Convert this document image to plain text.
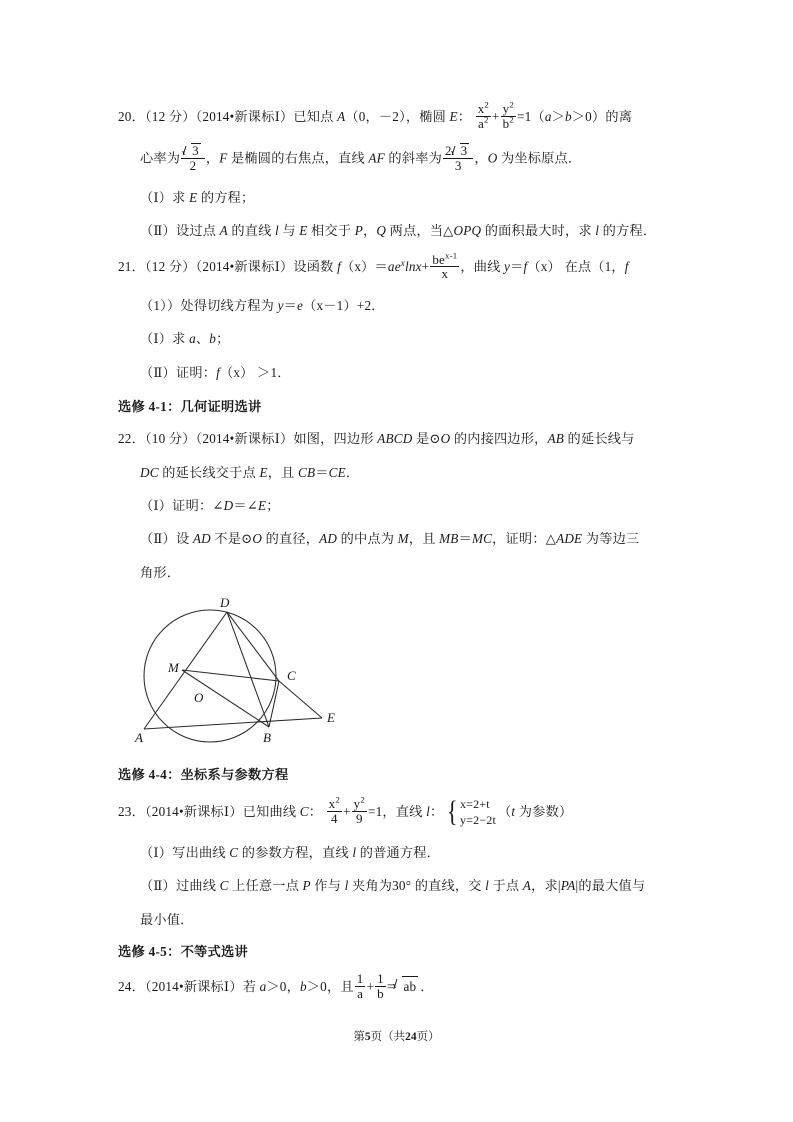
20．（12 分）（2014•新课标Ⅰ）已知点 A（0，－2），椭圆 E： $\frac{x^2}{a^2} + \frac{y^2}{b^2} =1(a>b>0)$的离
心率为 $\frac{3}{2}$ ，F 是椭圆的右焦点，直线 AF 的斜率为 $\frac{2 3}{3}$ ，O 为坐标原点．
（Ⅰ）求 E 的方程；
（Ⅱ）设过点 A 的直线 l 与 E 相交于 P，Q 两点，当△OPQ 的面积最大时，求 l 的方程．
21．（12 分）（2014•新课标Ⅰ）设函数 $f(x)=ae^x\ln x+ \frac{be^{x-1}}{x}$ ，曲线 y＝f（x） 在点（1，f
（1））处得切线方程为 y＝e（x－1）+2．
（Ⅰ）求 a、b；
（Ⅱ）证明：f（x） ＞1．
选修 4-1：几何证明选讲
22．（10 分）（2014•新课标Ⅰ）如图，四边形 ABCD 是⊙O 的内接四边形，AB 的延长线与
DC 的延长线交于点 E，且 CB＝CE．
（Ⅰ）证明：∠D＝∠E；
（Ⅱ）设 AD 不是⊙O 的直径，AD 的中点为 M，且 MB＝MC，证明：△ADE 为等边三
角形．
D
M
C
O
A	B
E
选修 4-4：坐标系与参数方程
23．（2014•新课标Ⅰ）已知曲线 C： $\frac{x^2}{4} + \frac{y^2}{9} =1$，直线 l： { x=2+t
y=2−2t
（t 为参数）
（Ⅰ）写出曲线 C 的参数方程，直线 l 的普通方程．
（Ⅱ）过曲线 C 上任意一点 P 作与 l 夹角为30° 的直线，交 l 于点 A，求|PA|的最大值与
最小值．
选修 4-5：不等式选讲
24．（2014•新课标Ⅰ）若 a＞0，b＞0，且 $\frac{1}{a} + \frac{1}{b}$ = ab ．
第5页（共24页）
